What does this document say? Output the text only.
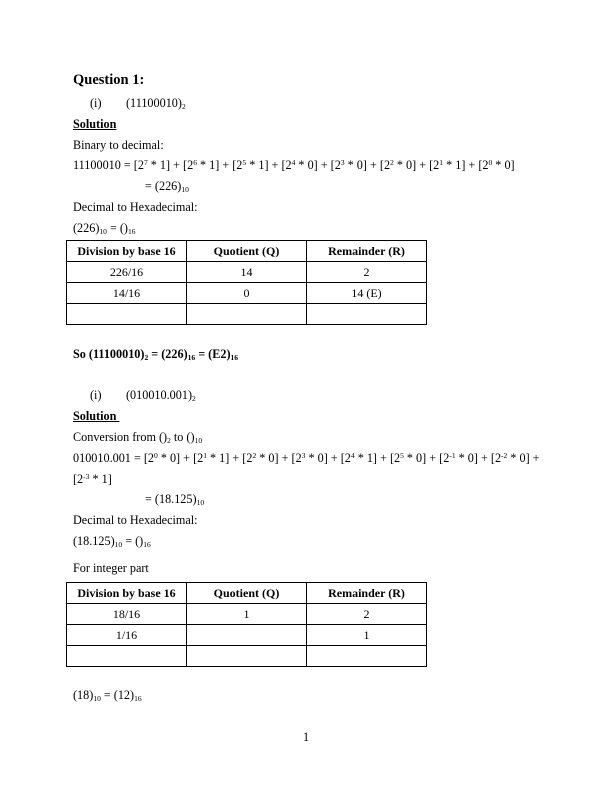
Question 1:
(i) $(11100010)_2$
Solution
Binary to decimal:
$11100010 = [2^7 * 1] + [2^6 * 1] + [2^5 * 1] + [2^4 * 0] + [2^3 * 0] + [2^2 * 0] + [2^1 * 1] + [2^0 * 0]$
= $(226)_{10}$
Decimal to Hexadecimal:
$(226)_{10} = ()_{16}$
Division by base 16	Quotient (Q)	Remainder (R)
226/16	14	2
14/16	0	14 (E)

So $(11100010)_2 = (226)_{16} = (E2)_{16}$
(i) $(010010.001)_2$
Solution
Conversion from $()_2$ to $()_{10}$
$010010.001 = [2^0 * 0] + [2^1 * 1] + [2^2 * 0] + [2^3 * 0] + [2^4 * 1] + [2^5 * 0] + [2^{-1} * 0] + [2^{-2} * 0]$ +
$[2^{-3} * 1]$
= $(18.125)_{10}$
Decimal to Hexadecimal:
$(18.125)_{10} = ()_{16}$
For integer part
Division by base 16	Quotient (Q)	Remainder (R)
18/16	1	2
1/16		1

$(18)_{10} = (12)_{16}$
1
